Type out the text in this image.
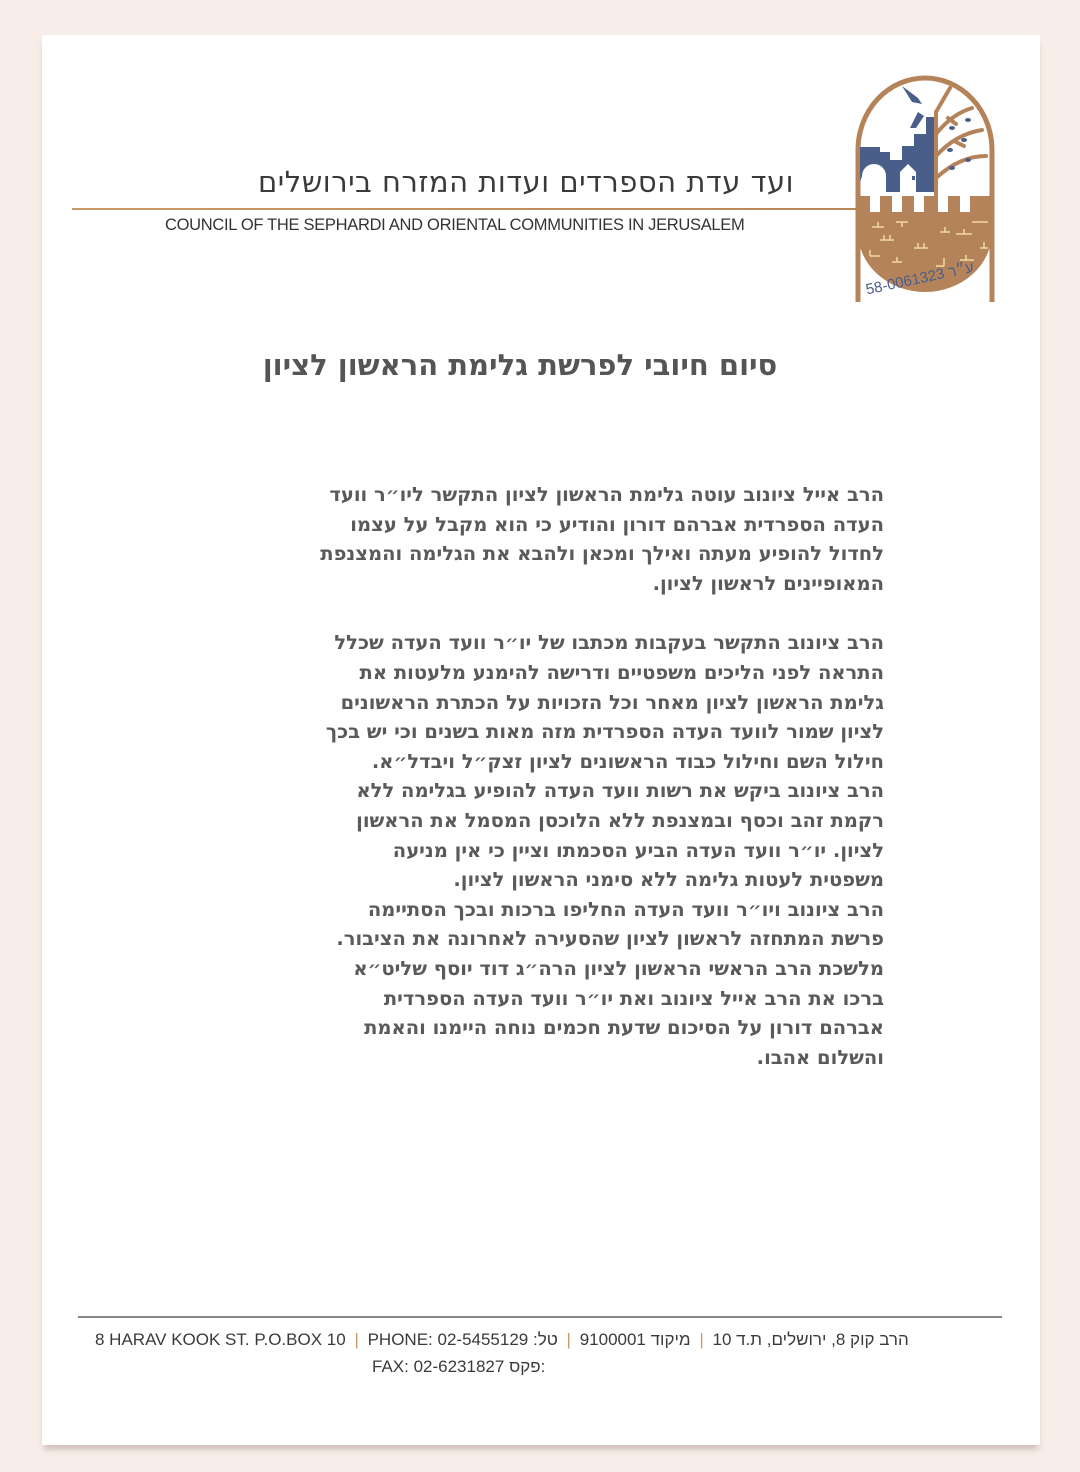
ועד עדת הספרדים ועדות המזרח בירושלים
COUNCIL OF THE SEPHARDI AND ORIENTAL COMMUNITIES IN JERUSALEM
58-0061323 ע״ר
סיום חיובי לפרשת גלימת הראשון לציון

הרב אייל ציונוב עוטה גלימת הראשון לציון התקשר ליו״ר וועד
העדה הספרדית אברהם דורון והודיע כי הוא מקבל על עצמו
לחדול להופיע מעתה ואילך ומכאן ולהבא את הגלימה והמצנפת
המאופיינים לראשון לציון.

הרב ציונוב התקשר בעקבות מכתבו של יו״ר וועד העדה שכלל
התראה לפני הליכים משפטיים ודרישה להימנע מלעטות את
גלימת הראשון לציון מאחר וכל הזכויות על הכתרת הראשונים
לציון שמור לוועד העדה הספרדית מזה מאות בשנים וכי יש בכך
חילול השם וחילול כבוד הראשונים לציון זצק״ל ויבדל״א.
הרב ציונוב ביקש את רשות וועד העדה להופיע בגלימה ללא
רקמת זהב וכסף ובמצנפת ללא הלוכסן המסמל את הראשון
לציון. יו״ר וועד העדה הביע הסכמתו וציין כי אין מניעה
משפטית לעטות גלימה ללא סימני הראשון לציון.
הרב ציונוב ויו״ר וועד העדה החליפו ברכות ובכך הסתיימה
פרשת המתחזה לראשון לציון שהסעירה לאחרונה את הציבור.
מלשכת הרב הראשי הראשון לציון הרה״ג דוד יוסף שליט״א
ברכו את הרב אייל ציונוב ואת יו״ר וועד העדה הספרדית
אברהם דורון על הסיכום שדעת חכמים נוחה היימנו והאמת
והשלום אהבו.

8 HARAV KOOK ST. P.O.BOX 10 | PHONE: 02-5455129 טל: | 9100001 מיקוד | הרב קוק 8, ירושלים, ת.ד 10
FAX: 02-6231827 פקס:
